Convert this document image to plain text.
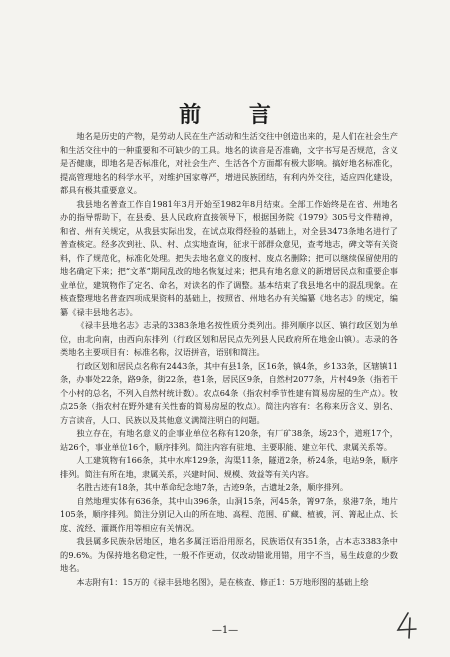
前 言

地名是历史的产物，是劳动人民在生产活动和生活交往中创造出来的，是人们在社会生产和生活交往中的一种重要和不可缺少的工具。地名的读音是否准确，文字书写是否规范，含义是否健康，即地名是否标准化，对社会生产、生活各个方面都有极大影响。搞好地名标准化，提高管理地名的科学水平，对维护国家尊严，增进民族团结，有利内外交往，适应四化建设，都具有极其重要意义。

我县地名普查工作自1981年3月开始至1982年8月结束。全部工作始终是在省、州地名办的指导帮助下，在县委、县人民政府直接领导下，根据国务院《1979》305号文件精神，和省、州有关规定，从我县实际出发，在试点取得经验的基础上，对全县3473条地名进行了普查核定。经多次到社、队、村、点实地查询，征求干部群众意见，查考地志，碑文等有关资料，作了规范化，标准化处理。把失去地名意义的废村、废点名删除；把可以继续保留使用的地名确定下来；把“文革”期间乱改的地名恢复过来；把具有地名意义的新增居民点和重要企事业单位，建筑物作了定名、命名，对读名的作了调整。基本结束了我县地名中的混乱现象。在核查整理地名普查四项成果资料的基础上，按照省、州地名办有关编纂《地名志》的规定，编纂《禄丰县地名志》。

《禄丰县地名志》志录的3383条地名按性质分类列出。排列顺序以区、镇行政区划为单位，由北向南，由西向东排列（行政区划和居民点先列县人民政府所在地金山镇）。志录的各类地名主要项目有：标准名称，汉语拼音，语别和简注。

行政区划和居民点名称有2443条，其中有县1条，区16条，镇4条，乡133条，区辖镇11条，办事处22条，路9条，街22条，巷1条，居民区9条，自然村2077条，片村49条（指若干个小村的总名，不列入自然村统计数）。农点64条（指农村季节性建有简易房屋的生产点）。牧点25条（指农村在野外建有关性畜的简易房屋的牧点）。简注内容有：名称来历含义、别名、方言读音，人口、民族以及其他意义满简注明白的问题。

独立存在，有地名意义的企事业单位名称有120条，有厂矿38条，场23个，道班17个，站26个，事业单位16个，顺序排列。简注内容有驻地、主要职能、建立年代、隶属关系等。

人工建筑物有166条，其中水库129条，沟渠11条，隧道2条，桥24条，电站9条，顺序排列。简注有所在地，隶属关系，兴建时间、规模、效益等有关内容。

名胜古迹有18条，其中革命纪念地7条，古迹9条，古遗址2条，顺序排列。

自然地理实体有636条，其中山396条，山洞15条，河45条，箐97条，泉港7条，地片105条，顺序排列。简注分别记入山的所在地、高程、范围、矿藏、植被，河、箐起止点、长度、流经、灌溉作用等相应有关情况。

我县属多民族杂居地区，地名多属汪语沿用原名，民族语仅有351条，占本志3383条中的9.6%。为保持地名稳定性，一般不作更动，仅改动错讹用错，用字不当，易生歧意的少数地名。

本志附有1：15万的《禄丰县地名图》，是在核查、修正1：5万地形图的基础上绘

—1—
